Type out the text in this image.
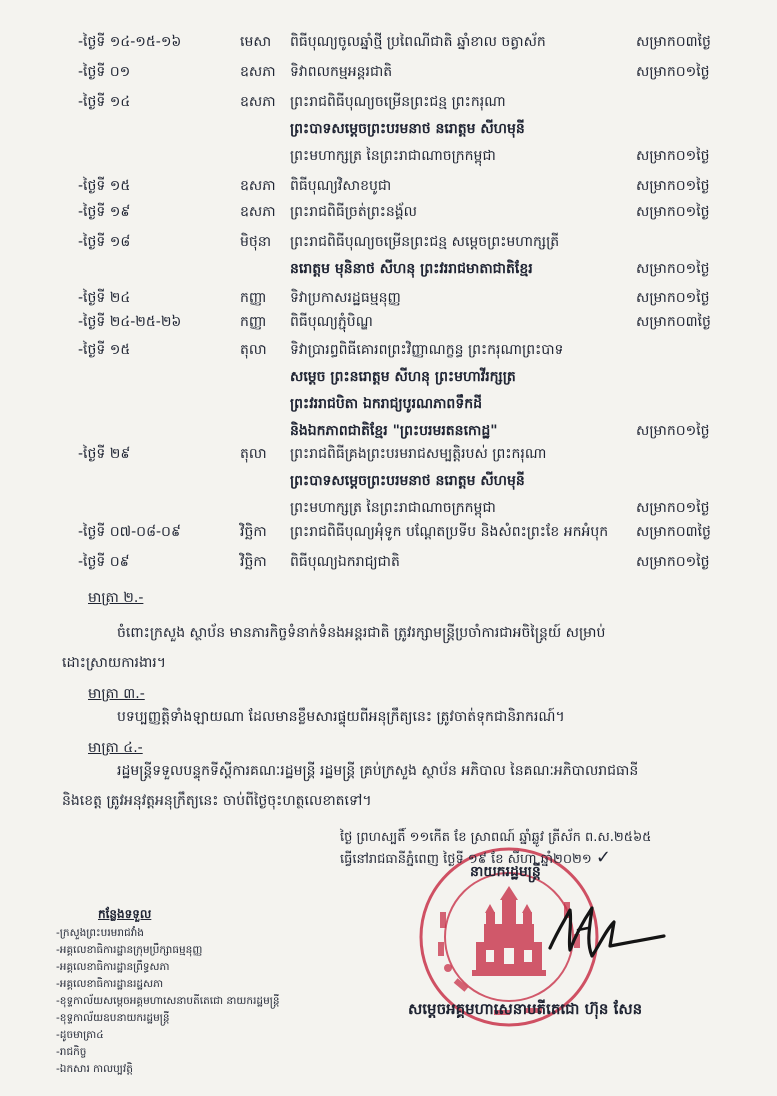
-ថ្ងៃទី ១៤-១៥-១៦	មេសា	ពិធីបុណ្យចូលឆ្នាំថ្មី ប្រពៃណីជាតិ ឆ្នាំខាល ចត្វាស័ក	សម្រាក០៣ថ្ងៃ
-ថ្ងៃទី ០១	ឧសភា	ទិវាពលកម្មអន្តរជាតិ	សម្រាក០១ថ្ងៃ
-ថ្ងៃទី ១៤	ឧសភា	ព្រះរាជពិធីបុណ្យចម្រើនព្រះជន្ម ព្រះករុណា
ព្រះបាទសម្តេចព្រះបរមនាថ នរោត្តម សីហមុនី
ព្រះមហាក្សត្រ នៃព្រះរាជាណាចក្រកម្ពុជា	សម្រាក០១ថ្ងៃ
-ថ្ងៃទី ១៥	ឧសភា	ពិធីបុណ្យវិសាខបូជា	សម្រាក០១ថ្ងៃ
-ថ្ងៃទី ១៩	ឧសភា	ព្រះរាជពិធីច្រត់ព្រះនង្គ័ល	សម្រាក០១ថ្ងៃ
-ថ្ងៃទី ១៨	មិថុនា	ព្រះរាជពិធីបុណ្យចម្រើនព្រះជន្ម សម្តេចព្រះមហាក្សត្រី
នរោត្តម មុនិនាថ សីហនុ ព្រះវររាជមាតាជាតិខ្មែរ	សម្រាក០១ថ្ងៃ
-ថ្ងៃទី ២៤	កញ្ញា	ទិវាប្រកាសរដ្ឋធម្មនុញ្ញ	សម្រាក០១ថ្ងៃ
-ថ្ងៃទី ២៤-២៥-២៦	កញ្ញា	ពិធីបុណ្យភ្ជុំបិណ្ឌ	សម្រាក០៣ថ្ងៃ
-ថ្ងៃទី ១៥	តុលា	ទិវាប្រារព្ធពិធីគោរពព្រះវិញ្ញាណក្ខន្ធ ព្រះករុណាព្រះបាទ
សម្តេច ព្រះនរោត្តម សីហនុ ព្រះមហាវីរក្សត្រ
ព្រះវររាជបិតា ឯករាជ្យបូរណភាពទឹកដី
និងឯកភាពជាតិខ្មែរ "ព្រះបរមរតនកោដ្ឋ"	សម្រាក០១ថ្ងៃ
-ថ្ងៃទី ២៩	តុលា	ព្រះរាជពិធីគ្រងព្រះបរមរាជសម្បត្តិរបស់ ព្រះករុណា
ព្រះបាទសម្តេចព្រះបរមនាថ នរោត្តម សីហមុនី
ព្រះមហាក្សត្រ នៃព្រះរាជាណាចក្រកម្ពុជា	សម្រាក០១ថ្ងៃ
-ថ្ងៃទី ០៧-០៨-០៩	វិច្ឆិកា	ព្រះរាជពិធីបុណ្យអុំទូក បណ្តែតប្រទីប និងសំពះព្រះខែ អកអំបុក	សម្រាក០៣ថ្ងៃ
-ថ្ងៃទី ០៩	វិច្ឆិកា	ពិធីបុណ្យឯករាជ្យជាតិ	សម្រាក០១ថ្ងៃ
មាត្រា ២.-
ចំពោះក្រសួង ស្ថាប័ន មានភារកិច្ចទំនាក់ទំនងអន្តរជាតិ ត្រូវរក្សាមន្ត្រីប្រចាំការជាអចិន្ត្រៃយ៍ សម្រាប់
ដោះស្រាយការងារ។
មាត្រា ៣.-
បទប្បញ្ញត្តិទាំងឡាយណា ដែលមានខ្លឹមសារផ្ទុយពីអនុក្រឹត្យនេះ ត្រូវចាត់ទុកជានិរាករណ៍។
មាត្រា ៤.-
រដ្ឋមន្ត្រីទទួលបន្ទុកទីស្តីការគណៈរដ្ឋមន្ត្រី រដ្ឋមន្ត្រី គ្រប់ក្រសួង ស្ថាប័ន អភិបាល នៃគណៈអភិបាលរាជធានី
និងខេត្ត ត្រូវអនុវត្តអនុក្រឹត្យនេះ ចាប់ពីថ្ងៃចុះហត្ថលេខាតទៅ។
ថ្ងៃ ព្រហស្បតិ៍ ១១កើត ខែ ស្រាពណ៍ ឆ្នាំឆ្លូវ ត្រីស័ក ព.ស.២៥៦៥
ធ្វើនៅរាជធានីភ្នំពេញ ថ្ងៃទី ១៩ ខែ សីហា ឆ្នាំ២០២១ ✓
នាយករដ្ឋមន្ត្រី
សម្តេចអគ្គមហាសេនាបតីតេជោ ហ៊ុន សែន
កន្លែងទទួល
-ក្រសួងព្រះបរមរាជវាំង
-អគ្គលេខាធិការដ្ឋានក្រុមប្រឹក្សាធម្មនុញ្ញ
-អគ្គលេខាធិការដ្ឋានព្រឹទ្ធសភា
-អគ្គលេខាធិការដ្ឋានរដ្ឋសភា
-ខុទ្ទកាល័យសម្តេចអគ្គមហាសេនាបតីតេជោ នាយករដ្ឋមន្ត្រី
-ខុទ្ទកាល័យឧបនាយករដ្ឋមន្ត្រី
-ដូចមាត្រា៤
-រាជកិច្ច
-ឯកសារ កាលប្បវត្តិ
